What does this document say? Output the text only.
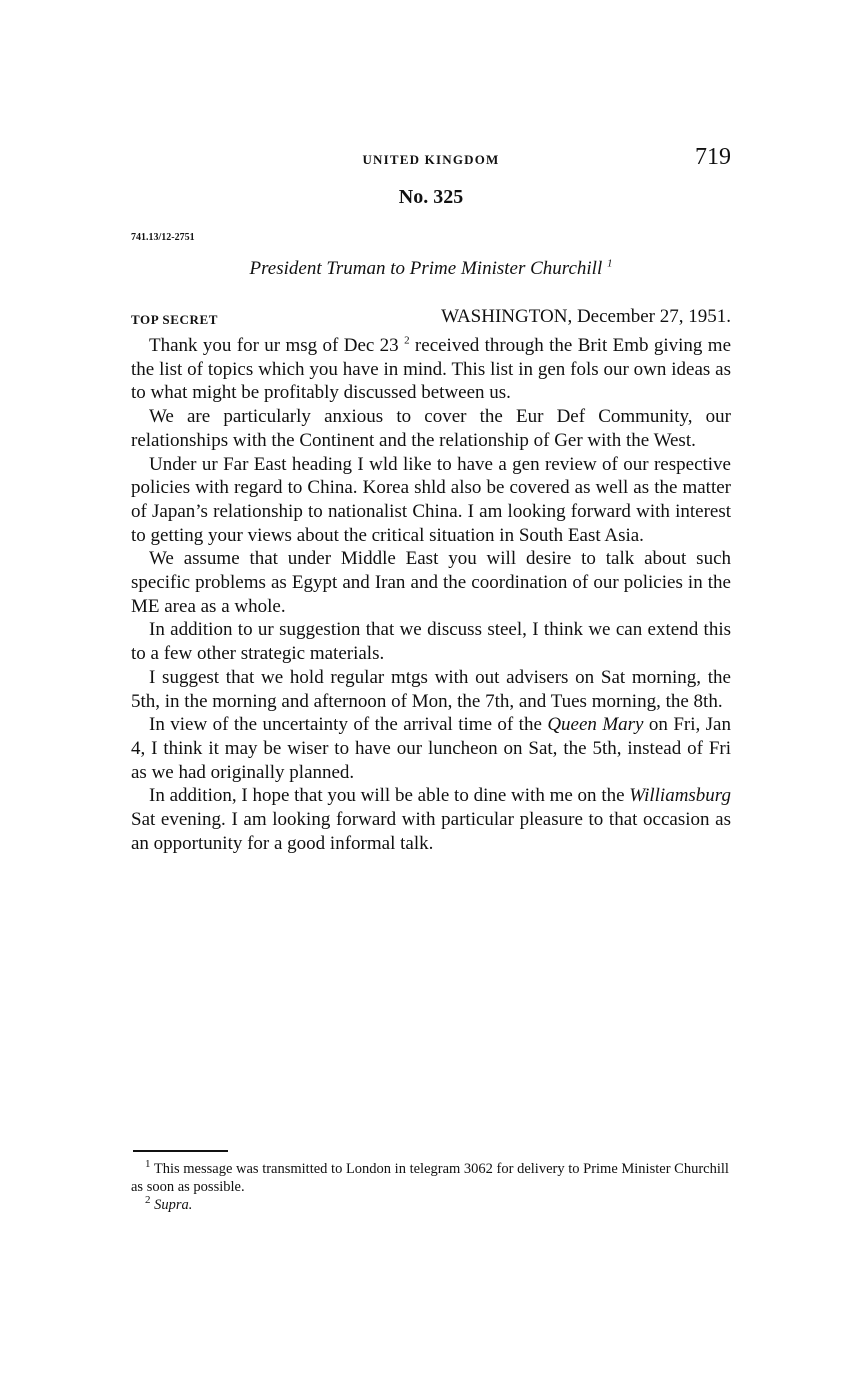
UNITED KINGDOM	719
No. 325
741.13/12-2751
President Truman to Prime Minister Churchill $^1$
TOP SECRET	WASHINGTON, December 27, 1951.

Thank you for ur msg of Dec 23 $^2$ received through the Brit Emb giving me the list of topics which you have in mind. This list in gen fols our own ideas as to what might be profitably discussed between us.

We are particularly anxious to cover the Eur Def Community, our relationships with the Continent and the relationship of Ger with the West.

Under ur Far East heading I wld like to have a gen review of our respective policies with regard to China. Korea shld also be covered as well as the matter of Japan’s relationship to nationalist China. I am looking forward with interest to getting your views about the critical situation in South East Asia.

We assume that under Middle East you will desire to talk about such specific problems as Egypt and Iran and the coordination of our policies in the ME area as a whole.

In addition to ur suggestion that we discuss steel, I think we can extend this to a few other strategic materials.

I suggest that we hold regular mtgs with out advisers on Sat morning, the 5th, in the morning and afternoon of Mon, the 7th, and Tues morning, the 8th.

In view of the uncertainty of the arrival time of the Queen Mary on Fri, Jan 4, I think it may be wiser to have our luncheon on Sat, the 5th, instead of Fri as we had originally planned.

In addition, I hope that you will be able to dine with me on the Williamsburg Sat evening. I am looking forward with particular pleasure to that occasion as an opportunity for a good informal talk.

$^1$ This message was transmitted to London in telegram 3062 for delivery to Prime Minister Churchill as soon as possible.

$^2$ Supra.
